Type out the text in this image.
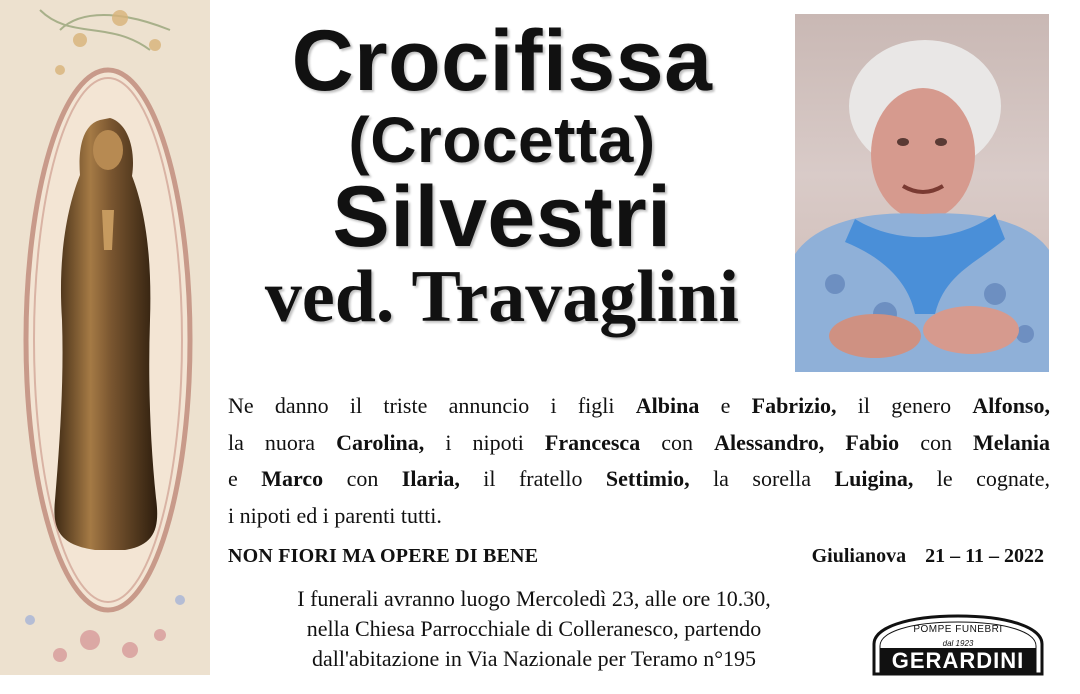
Crocifissa
(Crocetta)
Silvestri
ved. Travaglini
Ne danno il triste annuncio i figli Albina e Fabrizio, il genero Alfonso,
la nuora Carolina, i nipoti Francesca con Alessandro, Fabio con Melania
e Marco con Ilaria, il fratello Settimio, la sorella Luigina, le cognate,
i nipoti ed i parenti tutti.
NON FIORI MA OPERE DI BENE	Giulianova 21 – 11 – 2022
I funerali avranno luogo Mercoledì 23, alle ore 10.30,
nella Chiesa Parrocchiale di Colleranesco, partendo
dall'abitazione in Via Nazionale per Teramo n°195
POMPE FUNEBRI
dal 1923
GERARDINI
